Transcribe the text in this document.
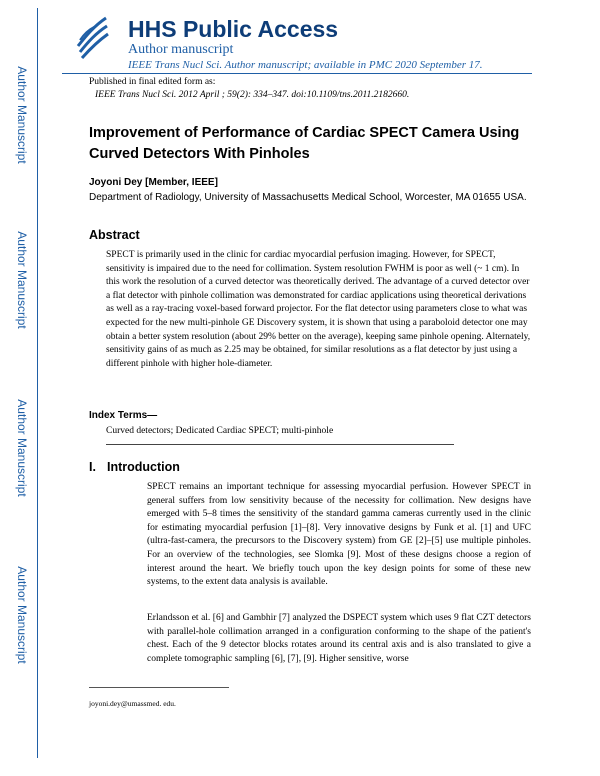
Author Manuscript
Author Manuscript
Author Manuscript
Author Manuscript
HHS Public Access
Author manuscript
IEEE Trans Nucl Sci. Author manuscript; available in PMC 2020 September 17.
Published in final edited form as:
IEEE Trans Nucl Sci. 2012 April ; 59(2): 334–347. doi:10.1109/tns.2011.2182660.
Improvement of Performance of Cardiac SPECT Camera Using Curved Detectors With Pinholes
Joyoni Dey [Member, IEEE]
Department of Radiology, University of Massachusetts Medical School, Worcester, MA 01655 USA.
Abstract
SPECT is primarily used in the clinic for cardiac myocardial perfusion imaging. However, for SPECT, sensitivity is impaired due to the need for collimation. System resolution FWHM is poor as well (~ 1 cm). In this work the resolution of a curved detector was theoretically derived. The advantage of a curved detector over a flat detector with pinhole collimation was demonstrated for cardiac applications using theoretical derivations as well as a ray-tracing voxel-based forward projector. For the flat detector using parameters close to what was expected for the new multi-pinhole GE Discovery system, it is shown that using a paraboloid detector one may obtain a better system resolution (about 29% better on the average), keeping same pinhole opening. Alternately, sensitivity gains of as much as 2.25 may be obtained, for similar resolutions as a flat detector by just using a different pinhole with higher hole-diameter.
Index Terms—
Curved detectors; Dedicated Cardiac SPECT; multi-pinhole
I. Introduction
SPECT remains an important technique for assessing myocardial perfusion. However SPECT in general suffers from low sensitivity because of the necessity for collimation. New designs have emerged with 5–8 times the sensitivity of the standard gamma cameras currently used in the clinic for estimating myocardial perfusion [1]–[8]. Very innovative designs by Funk et al. [1] and UFC (ultra-fast-camera, the precursors to the Discovery system) from GE [2]–[5] use multiple pinholes. For an overview of the technologies, see Slomka [9]. Most of these designs choose a region of interest around the heart. We briefly touch upon the key design points for some of these new systems, to the extent data analysis is available.
Erlandsson et al. [6] and Gambhir [7] analyzed the DSPECT system which uses 9 flat CZT detectors with parallel-hole collimation arranged in a configuration conforming to the shape of the patient's chest. Each of the 9 detector blocks rotates around its central axis and is also translated to give a complete tomographic sampling [6], [7], [9]. Higher sensitive, worse
joyoni.dey@umassmed. edu.
